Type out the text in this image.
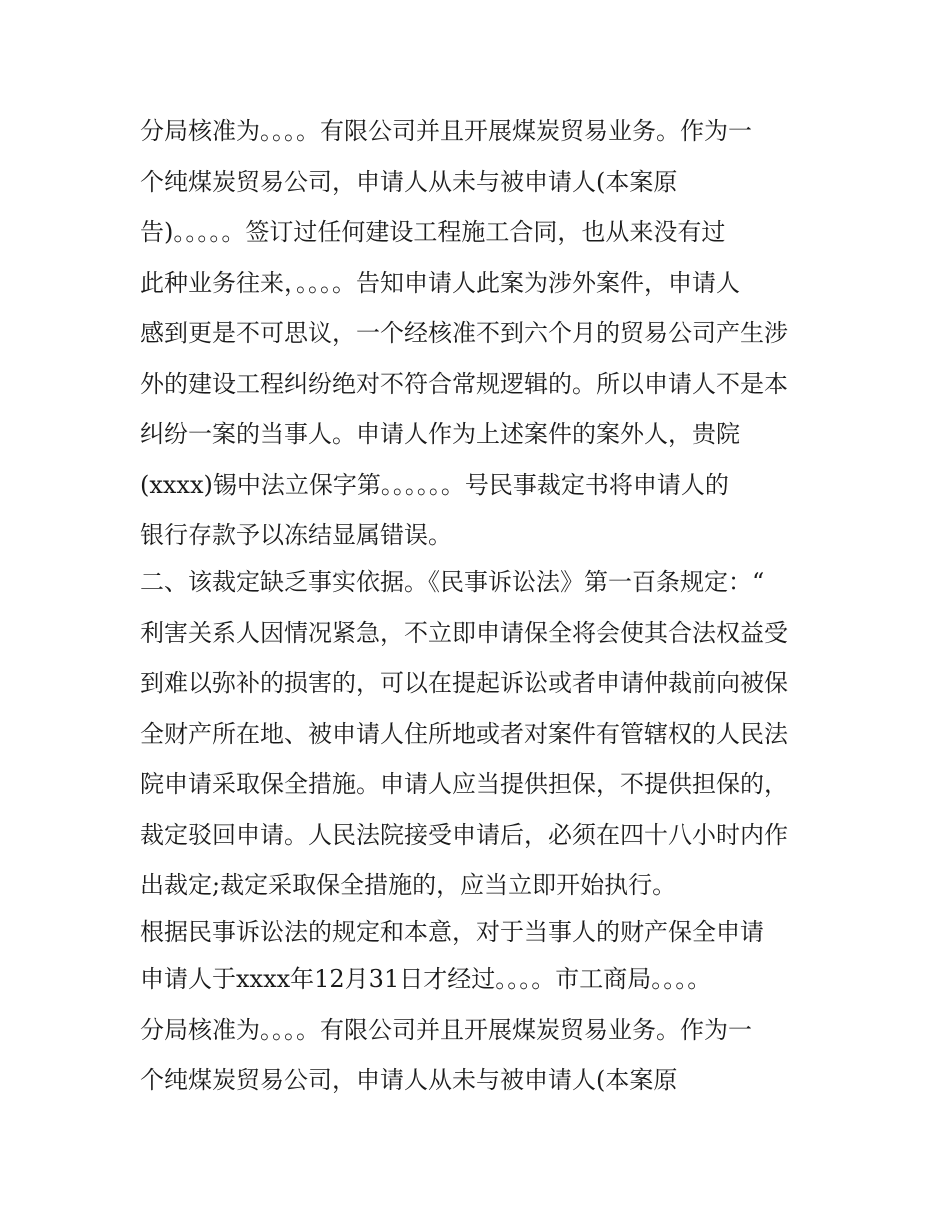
分局核准为。。。。有限公司并且开展煤炭贸易业务。作为一
个纯煤炭贸易公司，申请人从未与被申请人(本案原
告)。。。。。签订过任何建设工程施工合同，也从来没有过
此种业务往来，。。。。告知申请人此案为涉外案件，申请人
感到更是不可思议，一个经核准不到六个月的贸易公司产生涉
外的建设工程纠纷绝对不符合常规逻辑的。所以申请人不是本
纠纷一案的当事人。申请人作为上述案件的案外人，贵院
(xxxx)锡中法立保字第。。。。。。号民事裁定书将申请人的
银行存款予以冻结显属错误。
二、该裁定缺乏事实依据。《民事诉讼法》第一百条规定：“
利害关系人因情况紧急，不立即申请保全将会使其合法权益受
到难以弥补的损害的，可以在提起诉讼或者申请仲裁前向被保
全财产所在地、被申请人住所地或者对案件有管辖权的人民法
院申请采取保全措施。申请人应当提供担保，不提供担保的，
裁定驳回申请。人民法院接受申请后，必须在四十八小时内作
出裁定;裁定采取保全措施的，应当立即开始执行。
根据民事诉讼法的规定和本意，对于当事人的财产保全申请
申请人于xxxx年12月31日才经过。。。。市工商局。。。。
分局核准为。。。。有限公司并且开展煤炭贸易业务。作为一
个纯煤炭贸易公司，申请人从未与被申请人(本案原
